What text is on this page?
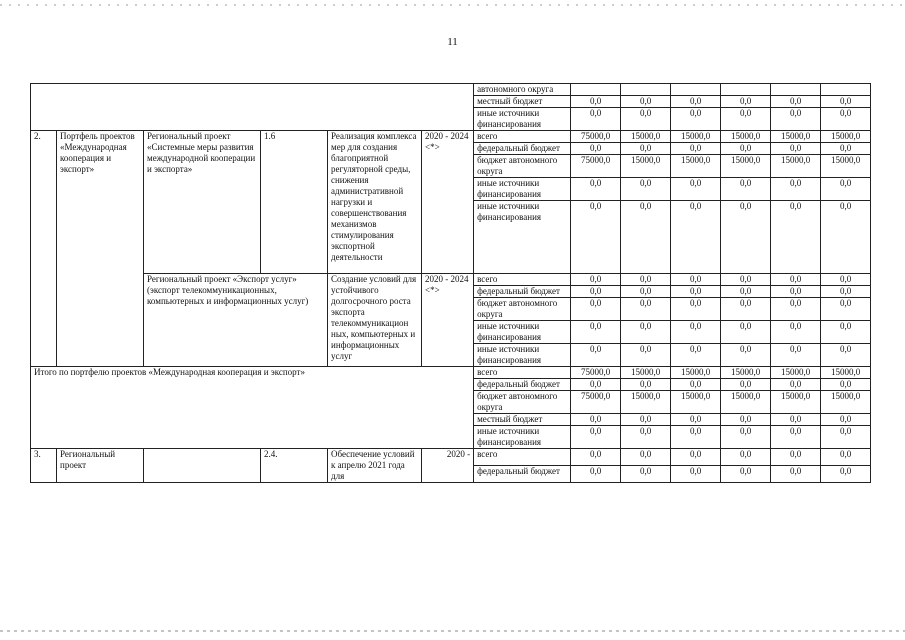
11
						автономного округа						
						местный бюджет	0,0	0,0	0,0	0,0	0,0	0,0
						иные источники финансирования	0,0	0,0	0,0	0,0	0,0	0,0
2.	Портфель проектов «Международная кооперация и экспорт»	Региональный проект «Системные меры развития международной кооперации и экспорта»	1.6	Реализация комплекса мер для создания благоприятной регуляторной среды, снижения административной нагрузки и совершенствования механизмов стимулирования экспортной деятельности	2020 - 2024 <*>	всего	75000,0	15000,0	15000,0	15000,0	15000,0	15000,0
						федеральный бюджет	0,0	0,0	0,0	0,0	0,0	0,0
						бюджет автономного округа	75000,0	15000,0	15000,0	15000,0	15000,0	15000,0
						иные источники финансирования	0,0	0,0	0,0	0,0	0,0	0,0
						иные источники финансирования	0,0	0,0	0,0	0,0	0,0	0,0
		Региональный проект «Экспорт услуг» (экспорт телекоммуникационных, компьютерных и информационных услуг)		Создание условий для устойчивого долгосрочного роста экспорта телекоммуникацион ных, компьютерных и информационных услуг	2020 - 2024 <*>	всего	0,0	0,0	0,0	0,0	0,0	0,0
						федеральный бюджет	0,0	0,0	0,0	0,0	0,0	0,0
						бюджет автономного округа	0,0	0,0	0,0	0,0	0,0	0,0
						иные источники финансирования	0,0	0,0	0,0	0,0	0,0	0,0
						иные источники финансирования	0,0	0,0	0,0	0,0	0,0	0,0
Итого по портфелю проектов «Международная кооперация и экспорт»						всего	75000,0	15000,0	15000,0	15000,0	15000,0	15000,0
						федеральный бюджет	0,0	0,0	0,0	0,0	0,0	0,0
						бюджет автономного округа	75000,0	15000,0	15000,0	15000,0	15000,0	15000,0
						местный бюджет	0,0	0,0	0,0	0,0	0,0	0,0
						иные источники финансирования	0,0	0,0	0,0	0,0	0,0	0,0
3.	Региональный проект		2.4.	Обеспечение условий к апрелю 2021 года для	2020 -	всего	0,0	0,0	0,0	0,0	0,0	0,0
						федеральный бюджет	0,0	0,0	0,0	0,0	0,0	0,0
